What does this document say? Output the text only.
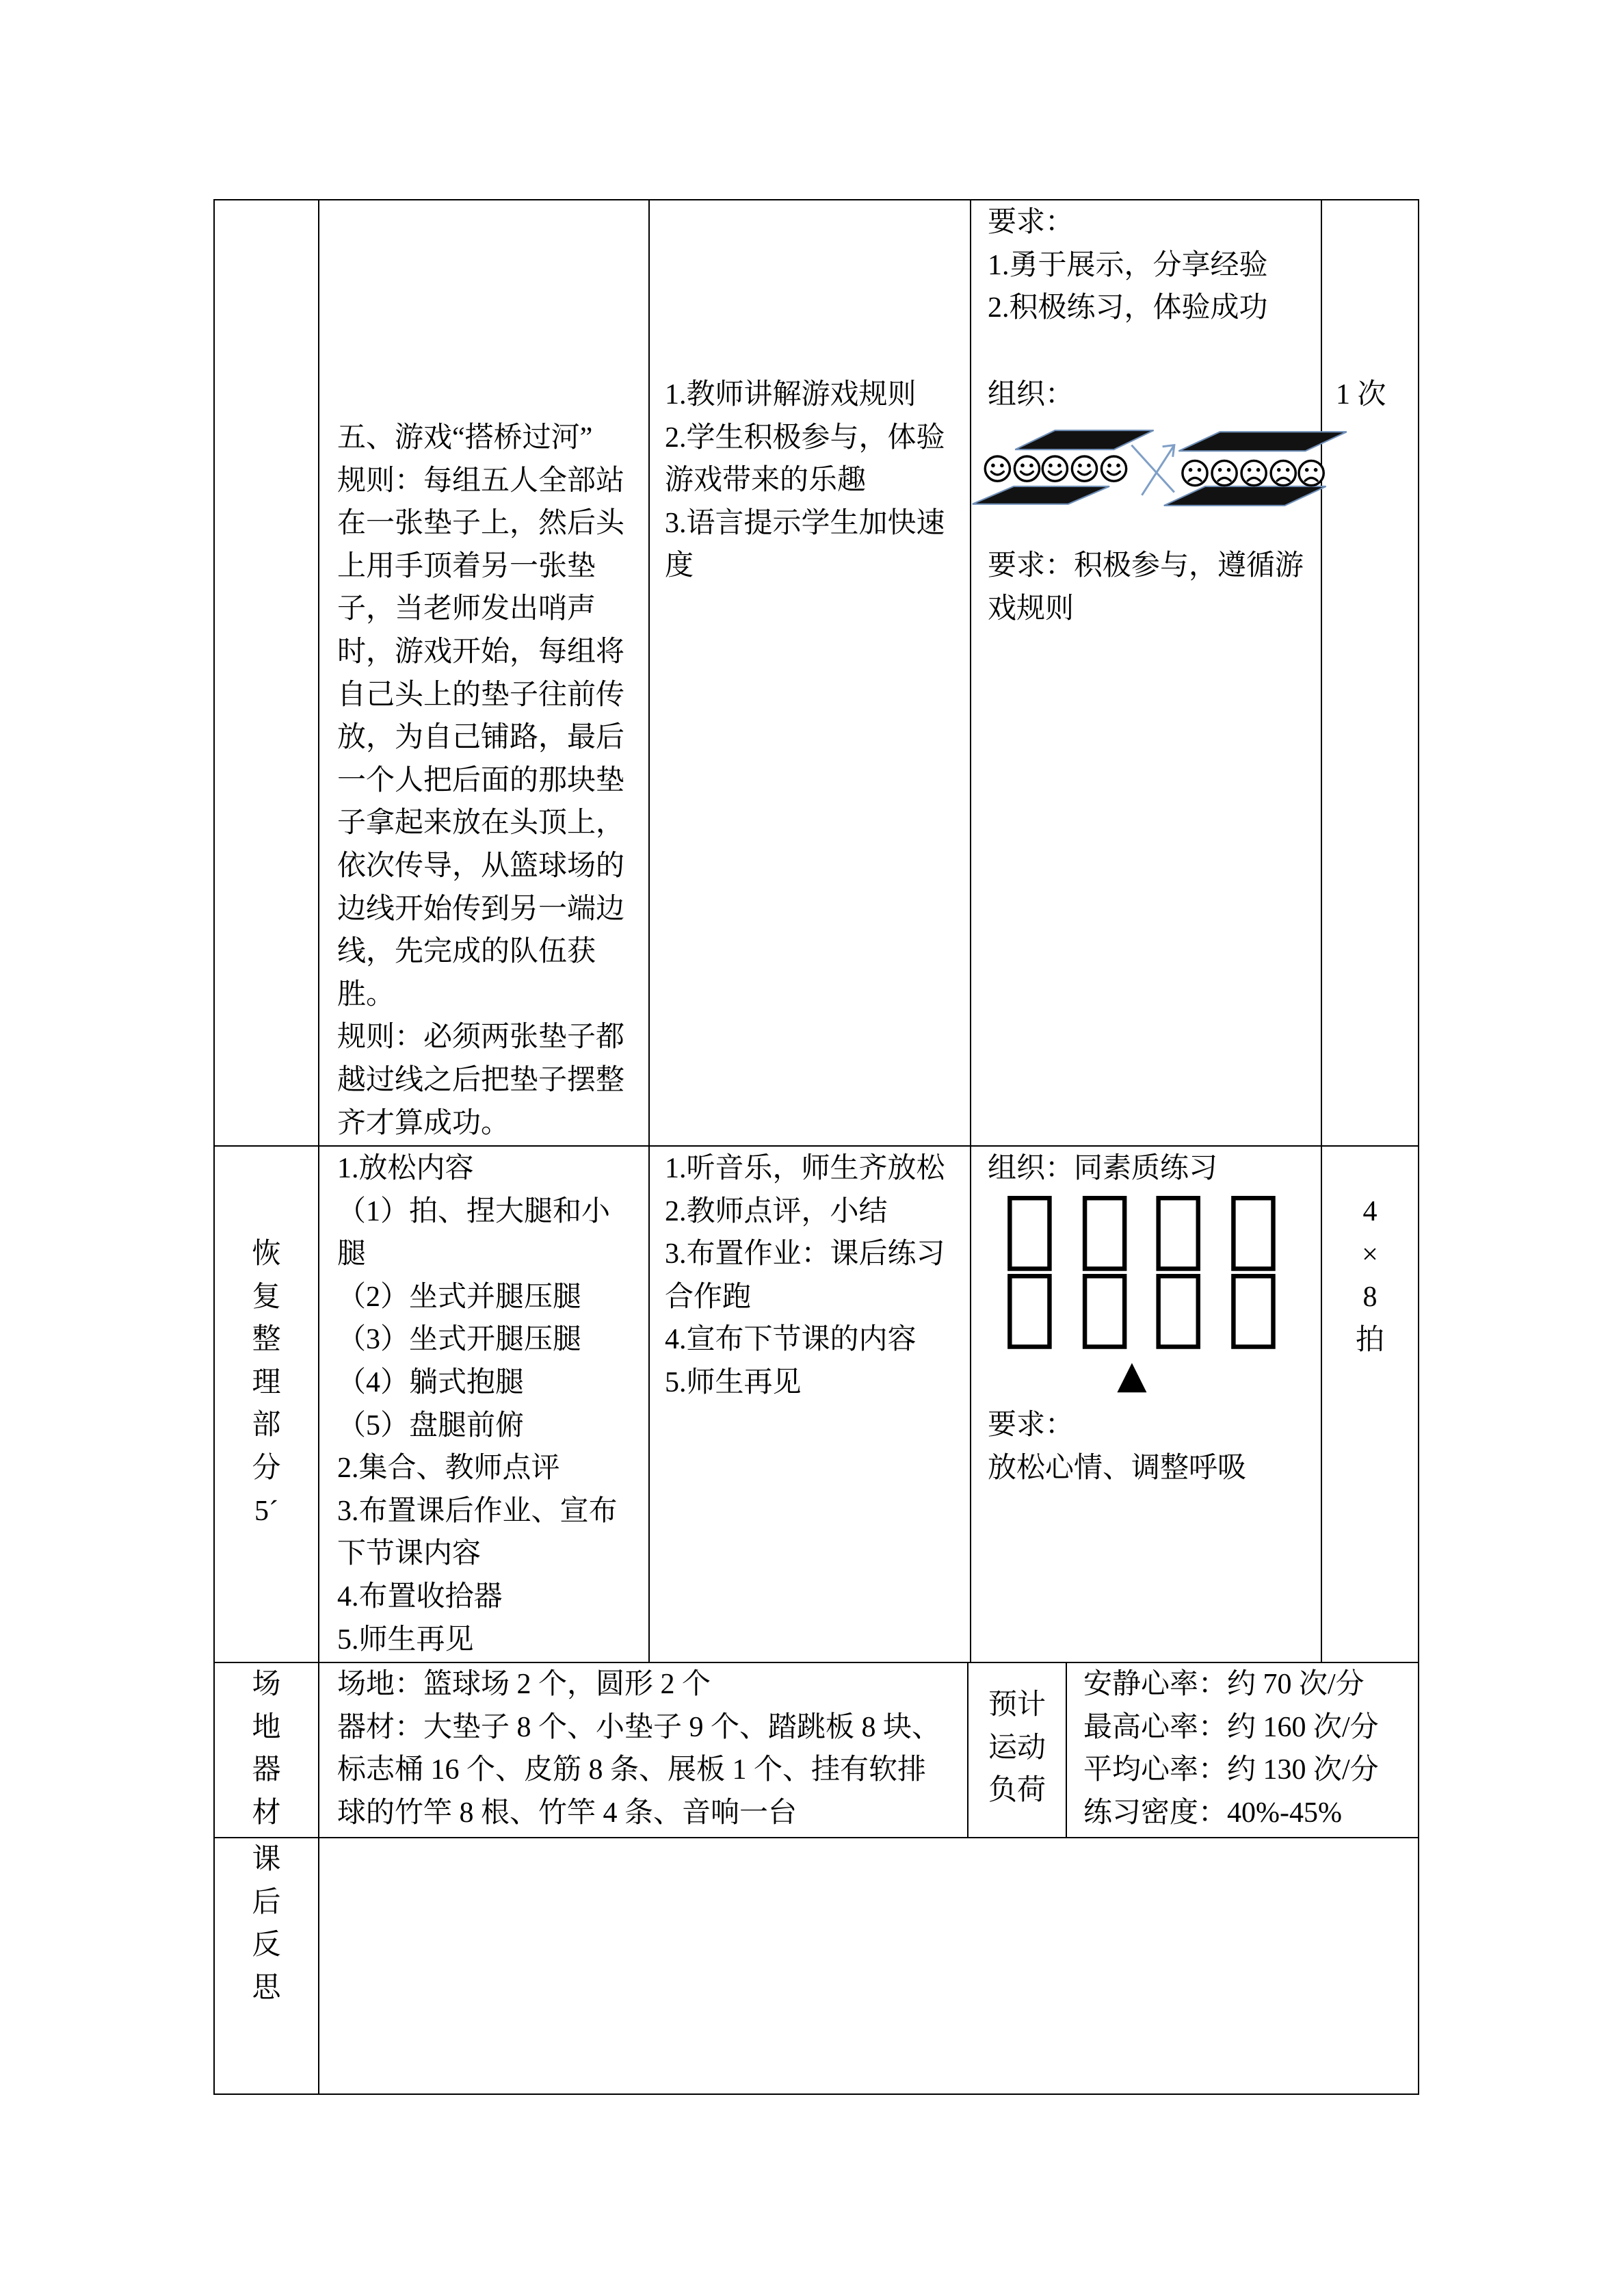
五、游戏“搭桥过河”
规则：每组五人全部站
在一张垫子上，然后头
上用手顶着另一张垫
子，当老师发出哨声
时，游戏开始，每组将
自己头上的垫子往前传
放，为自己铺路，最后
一个人把后面的那块垫
子拿起来放在头顶上，
依次传导，从篮球场的
边线开始传到另一端边
线，先完成的队伍获
胜。
规则：必须两张垫子都
越过线之后把垫子摆整
齐才算成功。
1.教师讲解游戏规则
2.学生积极参与，体验
游戏带来的乐趣
3.语言提示学生加快速
度
要求：
1.勇于展示，分享经验
2.积极练习，体验成功
组织：
要求：积极参与，遵循游
戏规则
1 次
恢
复
整
理
部
分
5´
1.放松内容
（1）拍、捏大腿和小
腿
（2）坐式并腿压腿
（3）坐式开腿压腿
（4）躺式抱腿
（5）盘腿前俯
2.集合、教师点评
3.布置课后作业、宣布
下节课内容
4.布置收拾器
5.师生再见
1.听音乐，师生齐放松
2.教师点评，小结
3.布置作业：课后练习
合作跑
4.宣布下节课的内容
5.师生再见
组织：同素质练习
要求：
放松心情、调整呼吸
4
×
8
拍
场
地
器
材
场地：篮球场 2 个，圆形 2 个
器材：大垫子 8 个、小垫子 9 个、踏跳板 8 块、
标志桶 16 个、皮筋 8 条、展板 1 个、挂有软排
球的竹竿 8 根、竹竿 4 条、音响一台
预计
运动
负荷
安静心率：约 70 次/分
最高心率：约 160 次/分
平均心率：约 130 次/分
练习密度：40%-45%
课
后
反
思
